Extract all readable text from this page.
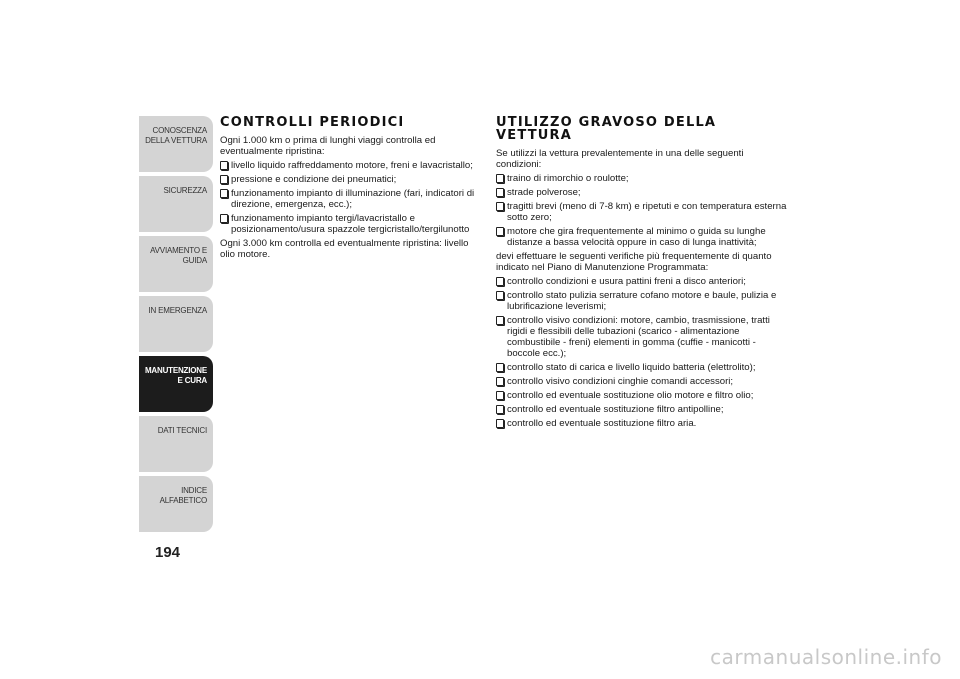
CONOSCENZA DELLA VETTURA
SICUREZZA
AVVIAMENTO E GUIDA
IN EMERGENZA
MANUTENZIONE E CURA
DATI TECNICI
INDICE ALFABETICO
194
CONTROLLI PERIODICI

Ogni 1.000 km o prima di lunghi viaggi controlla ed eventualmente ripristina:

livello liquido raffreddamento motore, freni e lavacristallo;
pressione e condizione dei pneumatici;
funzionamento impianto di illuminazione (fari, indicatori di direzione, emergenza, ecc.);
funzionamento impianto tergi/lavacristallo e posizionamento/usura spazzole tergicristallo/tergilunotto

Ogni 3.000 km controlla ed eventualmente ripristina: livello olio motore.

UTILIZZO GRAVOSO DELLA VETTURA

Se utilizzi la vettura prevalentemente in una delle seguenti condizioni:

traino di rimorchio o roulotte;
strade polverose;
tragitti brevi (meno di 7-8 km) e ripetuti e con temperatura esterna sotto zero;
motore che gira frequentemente al minimo o guida su lunghe distanze a bassa velocità oppure in caso di lunga inattività;

devi effettuare le seguenti verifiche più frequentemente di quanto indicato nel Piano di Manutenzione Programmata:

controllo condizioni e usura pattini freni a disco anteriori;
controllo stato pulizia serrature cofano motore e baule, pulizia e lubrificazione leverismi;
controllo visivo condizioni: motore, cambio, trasmissione, tratti rigidi e flessibili delle tubazioni (scarico - alimentazione combustibile - freni) elementi in gomma (cuffie - manicotti - boccole ecc.);
controllo stato di carica e livello liquido batteria (elettrolito);
controllo visivo condizioni cinghie comandi accessori;
controllo ed eventuale sostituzione olio motore e filtro olio;
controllo ed eventuale sostituzione filtro antipolline;
controllo ed eventuale sostituzione filtro aria.
carmanualsonline.info
